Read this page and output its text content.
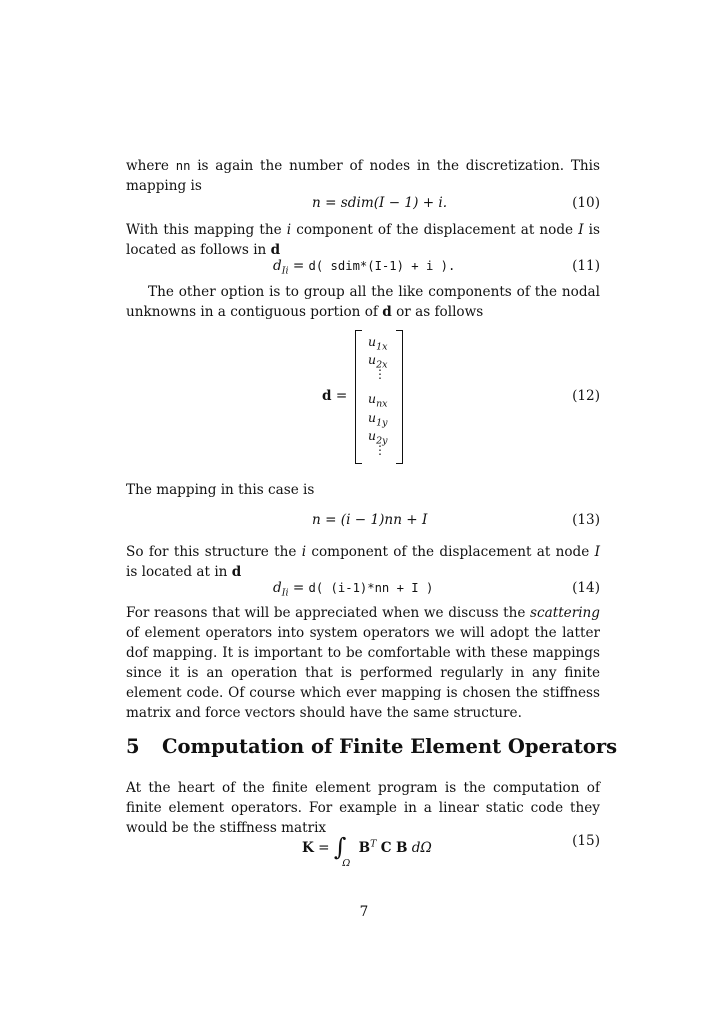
where nn is again the number of nodes in the discretization. This mapping is
n = sdim(I − 1) + i.	(10)
With this mapping the i component of the displacement at node I is located as follows in d
$d_{Ii} = d$( sdim*(I-1) + i ).	(11)
The other option is to group all the like components of the nodal unknowns in a contiguous portion of d or as follows
d =	(12)
$u_{1x}$
$u_{2x}$
⋮
$u_{nx}$
$u_{1y}$
$u_{2y}$
⋮
The mapping in this case is
n = (i − 1)nn + I	(13)
So for this structure the i component of the displacement at node I is located at in d
$d_{Ii} = d$( (i-1)*nn + I )	(14)
For reasons that will be appreciated when we discuss the scattering of element operators into system operators we will adopt the latter dof mapping. It is important to be comfortable with these mappings since it is an operation that is performed regularly in any finite element code. Of course which ever mapping is chosen the stiffness matrix and force vectors should have the same structure.
5 Computation of Finite Element Operators
At the heart of the finite element program is the computation of finite element operators. For example in a linear static code they would be the stiffness matrix
$K = \int_\Omega$ $B^T$ C B dΩ	(15)
7
